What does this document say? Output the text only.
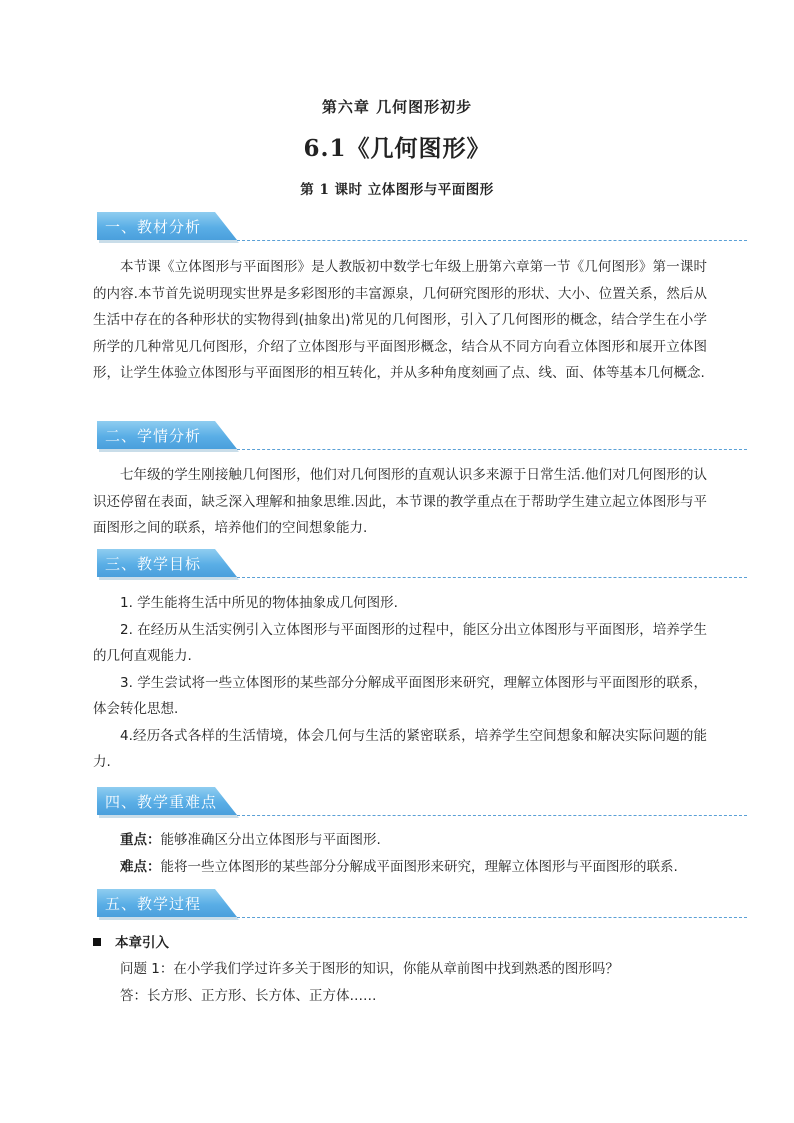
第六章 几何图形初步
6.1《几何图形》
第 1 课时 立体图形与平面图形
一、教材分析

本节课《立体图形与平面图形》是人教版初中数学七年级上册第六章第一节《几何图形》第一课时的内容.本节首先说明现实世界是多彩图形的丰富源泉，几何研究图形的形状、大小、位置关系，然后从生活中存在的各种形状的实物得到(抽象出)常见的几何图形，引入了几何图形的概念，结合学生在小学所学的几种常见几何图形，介绍了立体图形与平面图形概念，结合从不同方向看立体图形和展开立体图形，让学生体验立体图形与平面图形的相互转化，并从多种角度刻画了点、线、面、体等基本几何概念.

二、学情分析

七年级的学生刚接触几何图形，他们对几何图形的直观认识多来源于日常生活.他们对几何图形的认识还停留在表面，缺乏深入理解和抽象思维.因此，本节课的教学重点在于帮助学生建立起立体图形与平面图形之间的联系，培养他们的空间想象能力.

三、教学目标

1. 学生能将生活中所见的物体抽象成几何图形.

2. 在经历从生活实例引入立体图形与平面图形的过程中，能区分出立体图形与平面图形，培养学生的几何直观能力.

3. 学生尝试将一些立体图形的某些部分分解成平面图形来研究，理解立体图形与平面图形的联系，体会转化思想.

4.经历各式各样的生活情境，体会几何与生活的紧密联系，培养学生空间想象和解决实际问题的能力.

四、教学重难点

重点：能够准确区分出立体图形与平面图形.

难点：能将一些立体图形的某些部分分解成平面图形来研究，理解立体图形与平面图形的联系.

五、教学过程
本章引入

问题 1：在小学我们学过许多关于图形的知识，你能从章前图中找到熟悉的图形吗？

答：长方形、正方形、长方体、正方体……
